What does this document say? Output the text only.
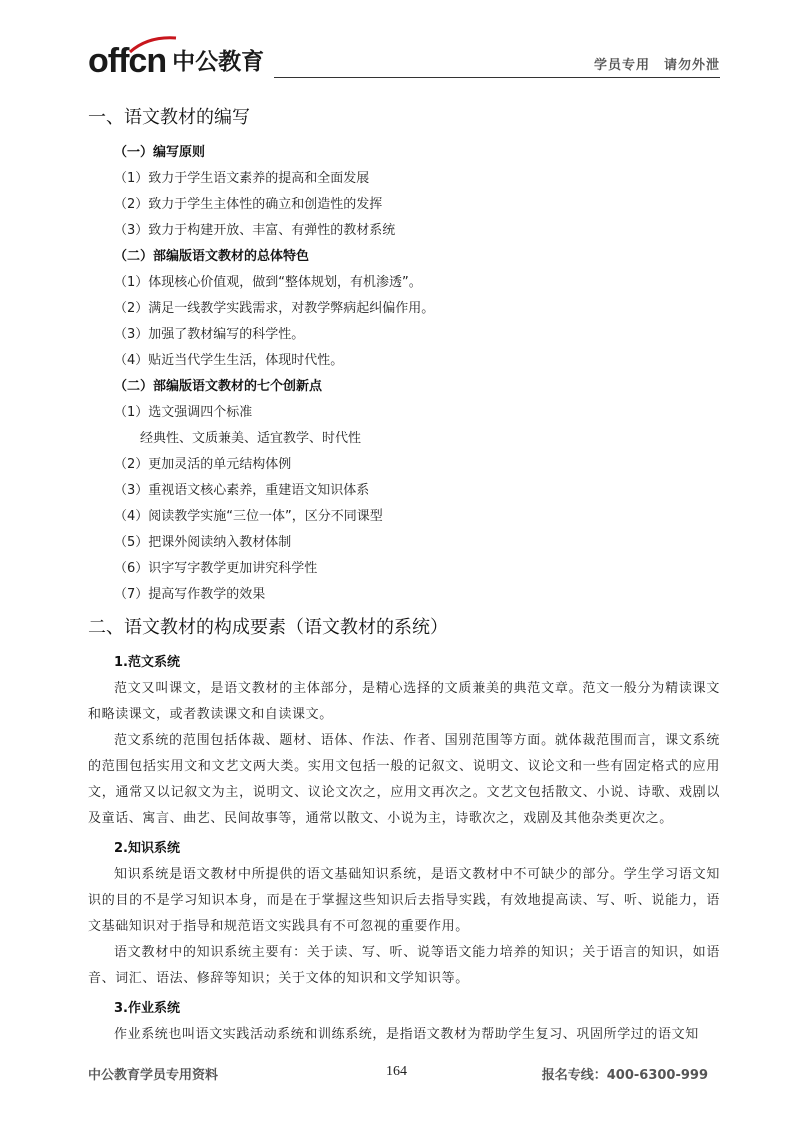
offcn 中公教育	学员专用　请勿外泄
一、语文教材的编写

（一）编写原则

（1）致力于学生语文素养的提高和全面发展

（2）致力于学生主体性的确立和创造性的发挥

（3）致力于构建开放、丰富、有弹性的教材系统

（二）部编版语文教材的总体特色

（1）体现核心价值观，做到“整体规划，有机渗透”。

（2）满足一线教学实践需求，对教学弊病起纠偏作用。

（3）加强了教材编写的科学性。

（4）贴近当代学生生活，体现时代性。

（二）部编版语文教材的七个创新点

（1）选文强调四个标准

经典性、文质兼美、适宜教学、时代性

（2）更加灵活的单元结构体例

（3）重视语文核心素养，重建语文知识体系

（4）阅读教学实施“三位一体”，区分不同课型

（5）把课外阅读纳入教材体制

（6）识字写字教学更加讲究科学性

（7）提高写作教学的效果

二、语文教材的构成要素（语文教材的系统）

1.范文系统

范文又叫课文，是语文教材的主体部分，是精心选择的文质兼美的典范文章。范文一般分为精读课文和略读课文，或者教读课文和自读课文。

范文系统的范围包括体裁、题材、语体、作法、作者、国别范围等方面。就体裁范围而言，课文系统的范围包括实用文和文艺文两大类。实用文包括一般的记叙文、说明文、议论文和一些有固定格式的应用文，通常又以记叙文为主，说明文、议论文次之，应用文再次之。文艺文包括散文、小说、诗歌、戏剧以及童话、寓言、曲艺、民间故事等，通常以散文、小说为主，诗歌次之，戏剧及其他杂类更次之。

2.知识系统

知识系统是语文教材中所提供的语文基础知识系统，是语文教材中不可缺少的部分。学生学习语文知识的目的不是学习知识本身，而是在于掌握这些知识后去指导实践，有效地提高读、写、听、说能力，语文基础知识对于指导和规范语文实践具有不可忽视的重要作用。

语文教材中的知识系统主要有：关于读、写、听、说等语文能力培养的知识；关于语言的知识，如语音、词汇、语法、修辞等知识；关于文体的知识和文学知识等。

3.作业系统

作业系统也叫语文实践活动系统和训练系统，是指语文教材为帮助学生复习、巩固所学过的语文知

中公教育学员专用资料	164	报名专线：400-6300-999
